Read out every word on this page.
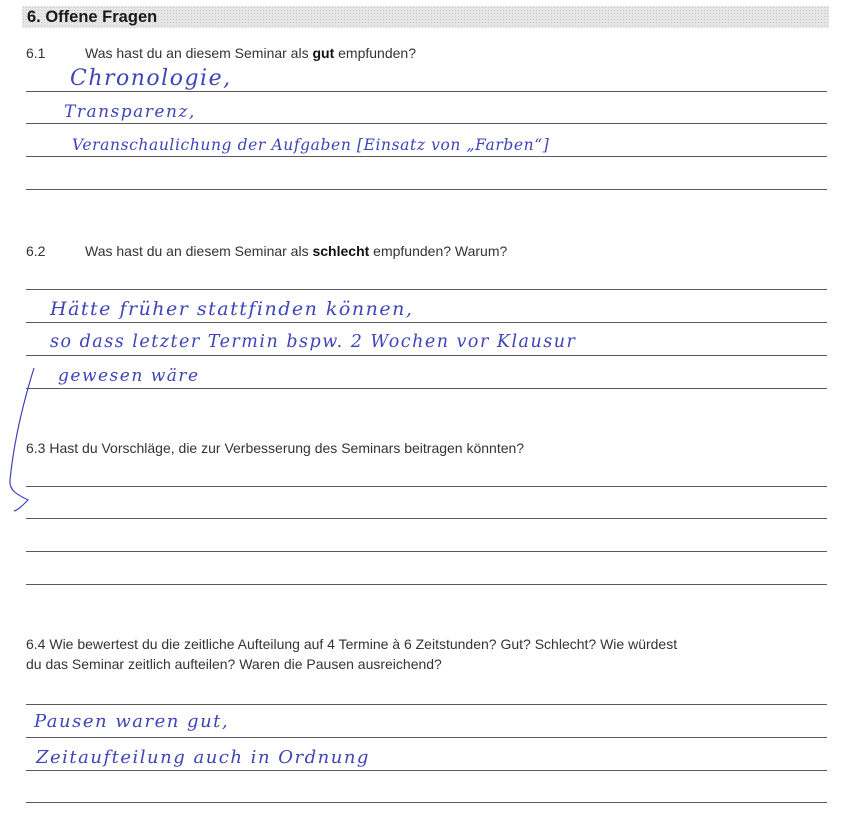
6. Offene Fragen
6.1	Was hast du an diesem Seminar als gut empfunden?
Chronologie,
Transparenz,
Veranschaulichung der Aufgaben [Einsatz von „Farben“]
6.2	Was hast du an diesem Seminar als schlecht empfunden? Warum?
Hätte früher stattfinden können,
so dass letzter Termin bspw. 2 Wochen vor Klausur
gewesen wäre
6.3 Hast du Vorschläge, die zur Verbesserung des Seminars beitragen könnten?
6.4 Wie bewertest du die zeitliche Aufteilung auf 4 Termine à 6 Zeitstunden? Gut? Schlecht? Wie würdest
du das Seminar zeitlich aufteilen? Waren die Pausen ausreichend?
Pausen waren gut,
Zeitaufteilung auch in Ordnung
